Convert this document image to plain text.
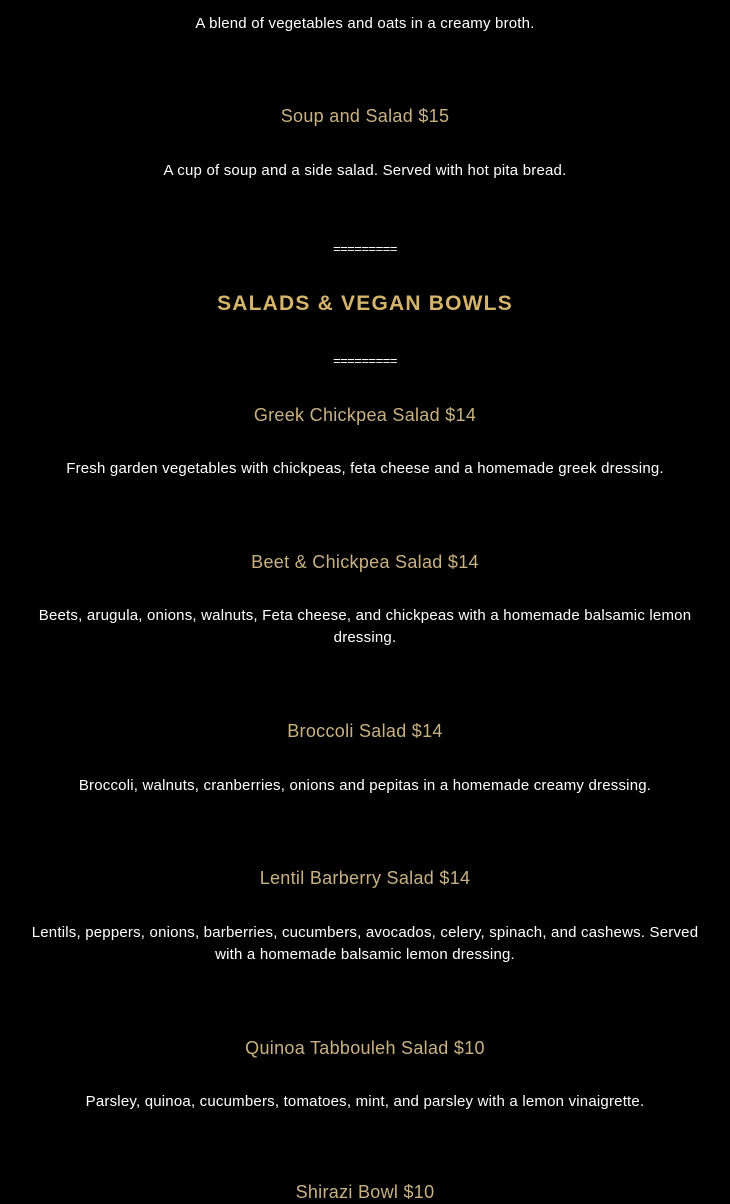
A blend of vegetables and oats in a creamy broth.

Soup and Salad $15

A cup of soup and a side salad. Served with hot pita bread.

=========

SALADS & VEGAN BOWLS

=========

Greek Chickpea Salad $14

Fresh garden vegetables with chickpeas, feta cheese and a homemade greek dressing.

Beet & Chickpea Salad $14

Beets, arugula, onions, walnuts, Feta cheese, and chickpeas with a homemade balsamic lemon dressing.

Broccoli Salad $14

Broccoli, walnuts, cranberries, onions and pepitas in a homemade creamy dressing.

Lentil Barberry Salad $14

Lentils, peppers, onions, barberries, cucumbers, avocados, celery, spinach, and cashews. Served with a homemade balsamic lemon dressing.

Quinoa Tabbouleh Salad $10

Parsley, quinoa, cucumbers, tomatoes, mint, and parsley with a lemon vinaigrette.

Shirazi Bowl $10
